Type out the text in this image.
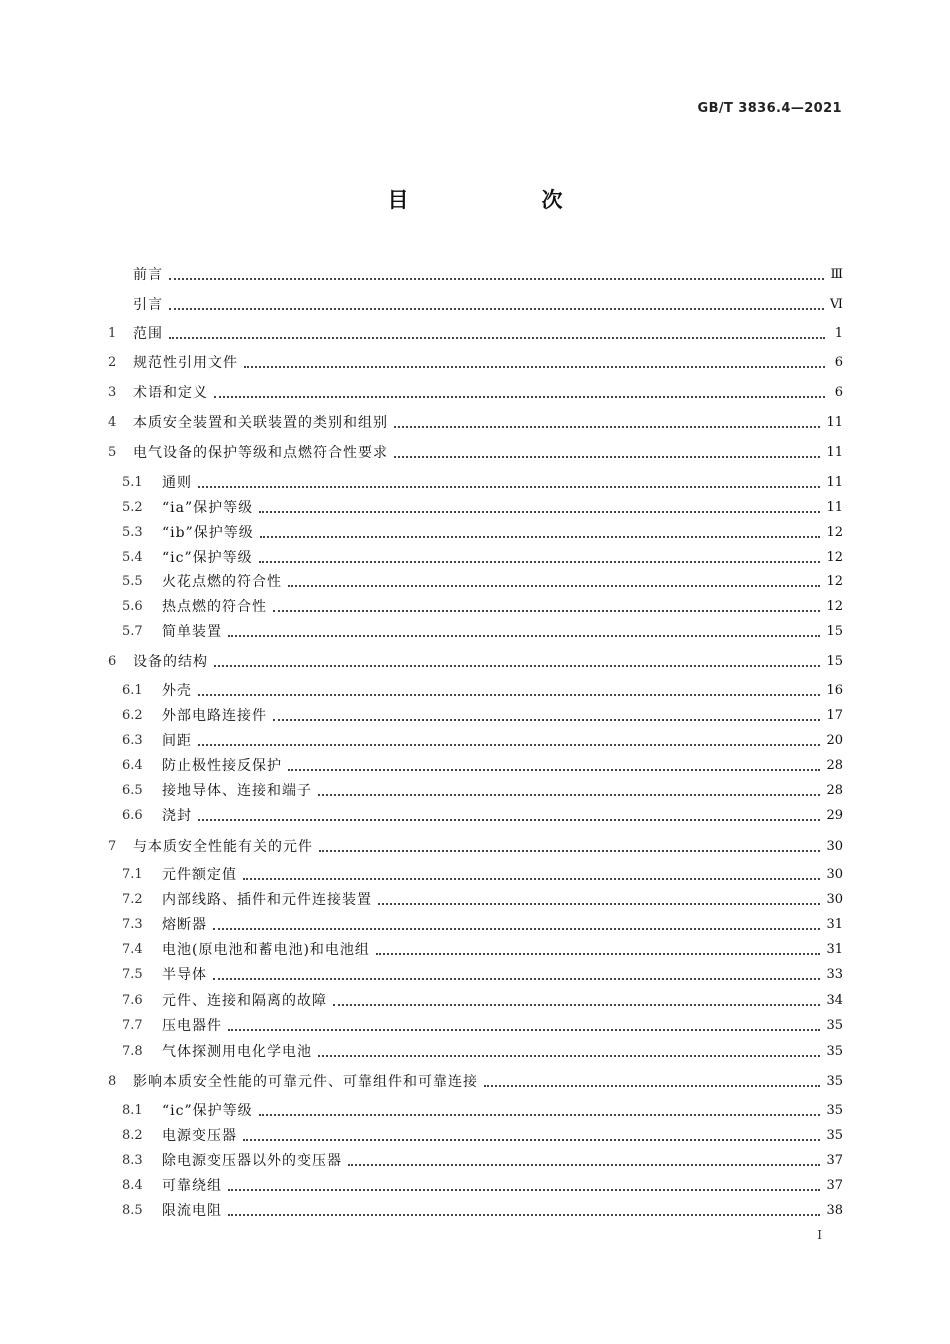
GB/T 3836.4—2021
目　次
前言	Ⅲ
引言	Ⅵ
1	范围	1
2	规范性引用文件	6
3	术语和定义	6
4	本质安全装置和关联装置的类别和组别	11
5	电气设备的保护等级和点燃符合性要求	11
5.1	通则	11
5.2	“ia”保护等级	11
5.3	“ib”保护等级	12
5.4	“ic”保护等级	12
5.5	火花点燃的符合性	12
5.6	热点燃的符合性	12
5.7	简单装置	15
6	设备的结构	15
6.1	外壳	16
6.2	外部电路连接件	17
6.3	间距	20
6.4	防止极性接反保护	28
6.5	接地导体、连接和端子	28
6.6	浇封	29
7	与本质安全性能有关的元件	30
7.1	元件额定值	30
7.2	内部线路、插件和元件连接装置	30
7.3	熔断器	31
7.4	电池(原电池和蓄电池)和电池组	31
7.5	半导体	33
7.6	元件、连接和隔离的故障	34
7.7	压电器件	35
7.8	气体探测用电化学电池	35
8	影响本质安全性能的可靠元件、可靠组件和可靠连接	35
8.1	“ic”保护等级	35
8.2	电源变压器	35
8.3	除电源变压器以外的变压器	37
8.4	可靠绕组	37
8.5	限流电阻	38
Ⅰ
